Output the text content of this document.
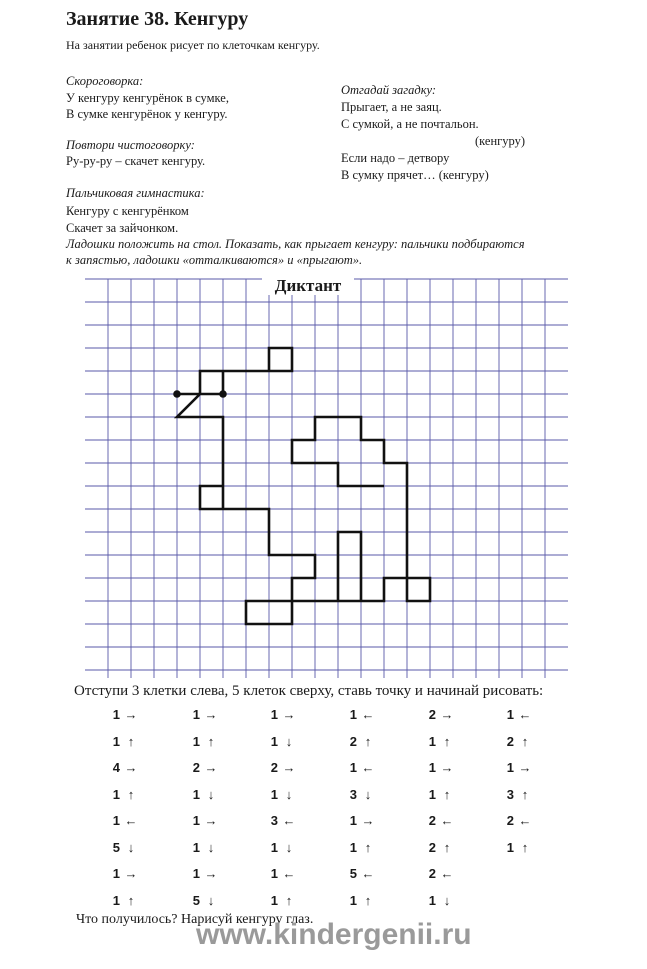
Занятие 38. Кенгуру
На занятии ребенок рисует по клеточкам кенгуру.
Скороговорка:
У кенгуру кенгурёнок в сумке,
В сумке кенгурёнок у кенгуру.
Повтори чистоговорку:
Ру-ру-ру – скачет кенгуру.
Пальчиковая гимнастика:
Кенгуру с кенгурёнком
Скачет за зайчонком.
Ладошки положить на стол. Показать, как прыгает кенгуру: пальчики подбираются
к запястью, ладошки «отталкиваются» и «прыгают».
Отгадай загадку:
Прыгает, а не заяц.
С сумкой, а не почтальон.
(кенгуру)
Если надо – детвору
В сумку прячет… (кенгуру)
Диктант
Отступи 3 клетки слева, 5 клеток сверху, ставь точку и начинай рисовать:
1 →
1 ↑
4 →
1 ↑
1 ←
5 ↓
1 →
1 ↑
1 →
1 ↑
2 →
1 ↓
1 →
1 ↓
1 →
5 ↓
1 →
1 ↓
2 →
1 ↓
3 ←
1 ↓
1 ←
1 ↑
1 ←
2 ↑
1 ←
3 ↓
1 →
1 ↑
5 ←
1 ↑
2 →
1 ↑
1 →
1 ↑
2 ←
2 ↑
2 ←
1 ↓
1 ←
2 ↑
1 →
3 ↑
2 ←
1 ↑
Что получилось? Нарисуй кенгуру глаз.
www.kindergenii.ru
